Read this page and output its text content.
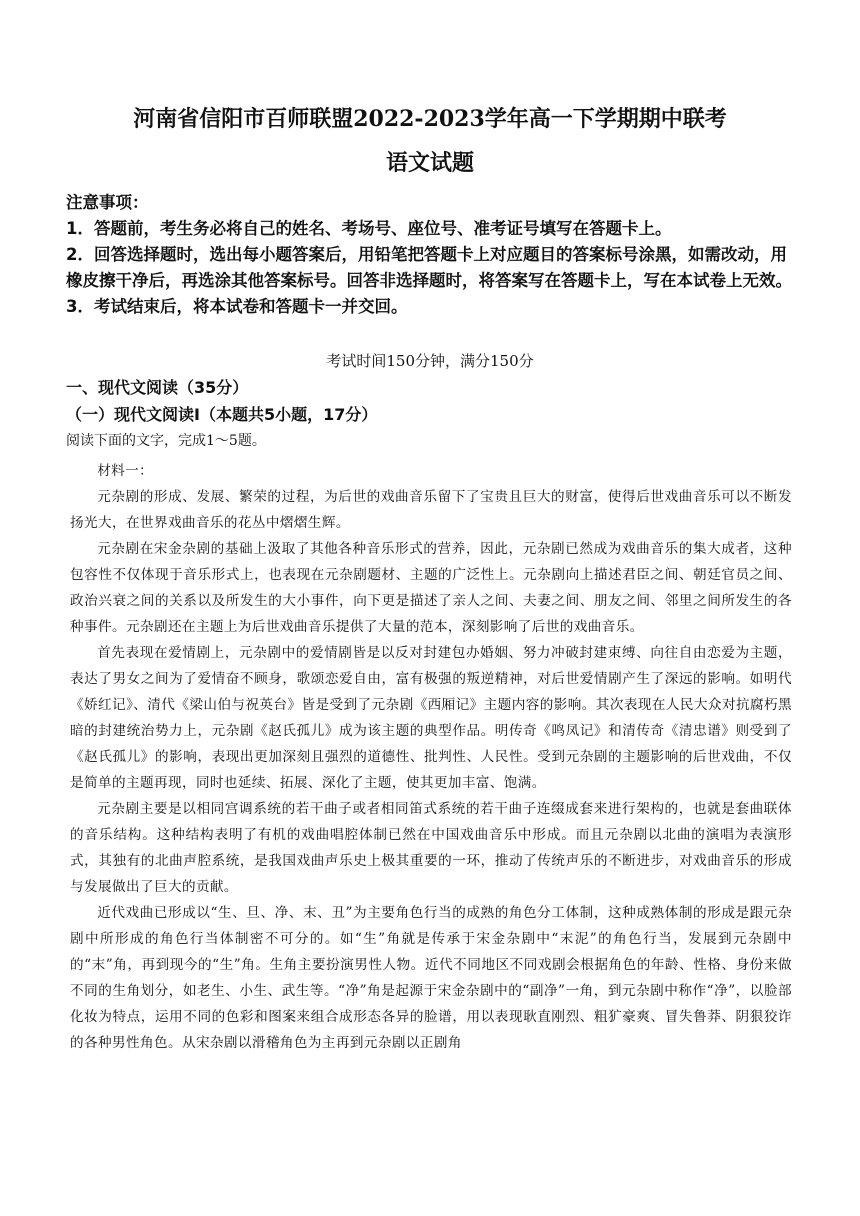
河南省信阳市百师联盟2022-2023学年高一下学期期中联考
语文试题
注意事项：
1．答题前，考生务必将自己的姓名、考场号、座位号、准考证号填写在答题卡上。
2．回答选择题时，选出每小题答案后，用铅笔把答题卡上对应题目的答案标号涂黑，如需改动，用橡皮擦干净后，再选涂其他答案标号。回答非选择题时，将答案写在答题卡上，写在本试卷上无效。
3．考试结束后，将本试卷和答题卡一并交回。
考试时间150分钟，满分150分
一、现代文阅读（35分）
（一）现代文阅读Ⅰ（本题共5小题，17分）
阅读下面的文字，完成1～5题。

材料一：

元杂剧的形成、发展、繁荣的过程，为后世的戏曲音乐留下了宝贵且巨大的财富，使得后世戏曲音乐可以不断发扬光大，在世界戏曲音乐的花丛中熠熠生辉。

元杂剧在宋金杂剧的基础上汲取了其他各种音乐形式的营养，因此，元杂剧已然成为戏曲音乐的集大成者，这种包容性不仅体现于音乐形式上，也表现在元杂剧题材、主题的广泛性上。元杂剧向上描述君臣之间、朝廷官员之间、政治兴衰之间的关系以及所发生的大小事件，向下更是描述了亲人之间、夫妻之间、朋友之间、邻里之间所发生的各种事件。元杂剧还在主题上为后世戏曲音乐提供了大量的范本，深刻影响了后世的戏曲音乐。

首先表现在爱情剧上，元杂剧中的爱情剧皆是以反对封建包办婚姻、努力冲破封建束缚、向往自由恋爱为主题，表达了男女之间为了爱情奋不顾身，歌颂恋爱自由，富有极强的叛逆精神，对后世爱情剧产生了深远的影响。如明代《娇红记》、清代《梁山伯与祝英台》皆是受到了元杂剧《西厢记》主题内容的影响。其次表现在人民大众对抗腐朽黑暗的封建统治势力上，元杂剧《赵氏孤儿》成为该主题的典型作品。明传奇《鸣凤记》和清传奇《清忠谱》则受到了《赵氏孤儿》的影响，表现出更加深刻且强烈的道德性、批判性、人民性。受到元杂剧的主题影响的后世戏曲，不仅是简单的主题再现，同时也延续、拓展、深化了主题，使其更加丰富、饱满。

元杂剧主要是以相同宫调系统的若干曲子或者相同笛式系统的若干曲子连缀成套来进行架构的，也就是套曲联体的音乐结构。这种结构表明了有机的戏曲唱腔体制已然在中国戏曲音乐中形成。而且元杂剧以北曲的演唱为表演形式，其独有的北曲声腔系统，是我国戏曲声乐史上极其重要的一环，推动了传统声乐的不断进步，对戏曲音乐的形成与发展做出了巨大的贡献。

近代戏曲已形成以“生、旦、净、末、丑”为主要角色行当的成熟的角色分工体制，这种成熟体制的形成是跟元杂剧中所形成的角色行当体制密不可分的。如“生”角就是传承于宋金杂剧中“末泥”的角色行当，发展到元杂剧中的“末”角，再到现今的“生”角。生角主要扮演男性人物。近代不同地区不同戏剧会根据角色的年龄、性格、身份来做不同的生角划分，如老生、小生、武生等。“净”角是起源于宋金杂剧中的“副净”一角，到元杂剧中称作“净”，以脸部化妆为特点，运用不同的色彩和图案来组合成形态各异的脸谱，用以表现耿直刚烈、粗犷豪爽、冒失鲁莽、阴狠狡诈的各种男性角色。从宋杂剧以滑稽角色为主再到元杂剧以正剧角
